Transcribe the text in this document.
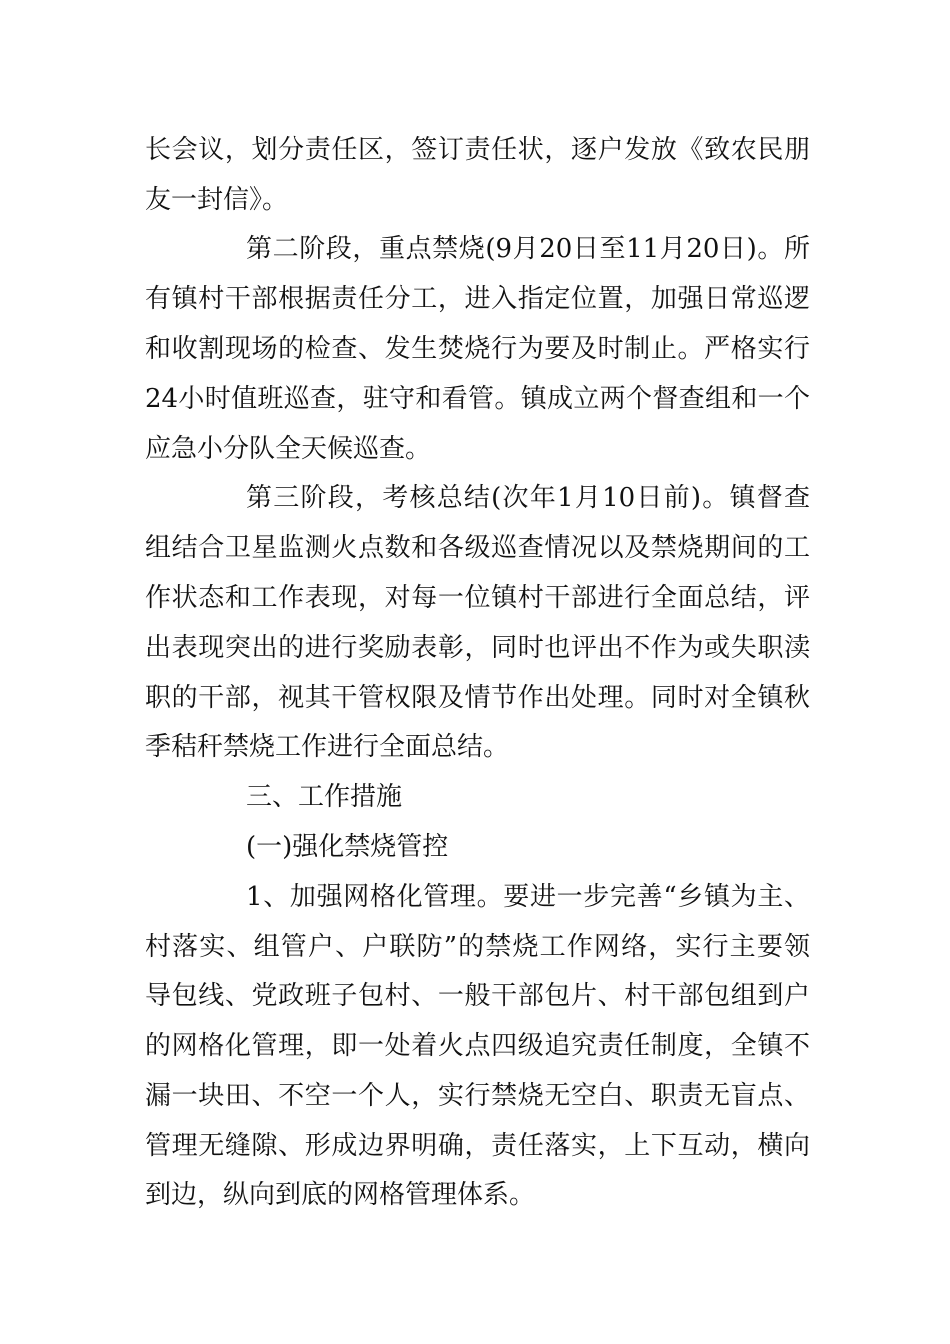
长会议，划分责任区，签订责任状，逐户发放《致农民朋
友一封信》。
第二阶段，重点禁烧(9月20日至11月20日)。所
有镇村干部根据责任分工，进入指定位置，加强日常巡逻
和收割现场的检查、发生焚烧行为要及时制止。严格实行
24小时值班巡查，驻守和看管。镇成立两个督查组和一个
应急小分队全天候巡查。
第三阶段，考核总结(次年1月10日前)。镇督查
组结合卫星监测火点数和各级巡查情况以及禁烧期间的工
作状态和工作表现，对每一位镇村干部进行全面总结，评
出表现突出的进行奖励表彰，同时也评出不作为或失职渎
职的干部，视其干管权限及情节作出处理。同时对全镇秋
季秸秆禁烧工作进行全面总结。
三、工作措施
(一)强化禁烧管控
1、加强网格化管理。要进一步完善“乡镇为主、
村落实、组管户、户联防”的禁烧工作网络，实行主要领
导包线、党政班子包村、一般干部包片、村干部包组到户
的网格化管理，即一处着火点四级追究责任制度，全镇不
漏一块田、不空一个人，实行禁烧无空白、职责无盲点、
管理无缝隙、形成边界明确，责任落实，上下互动，横向
到边，纵向到底的网格管理体系。
